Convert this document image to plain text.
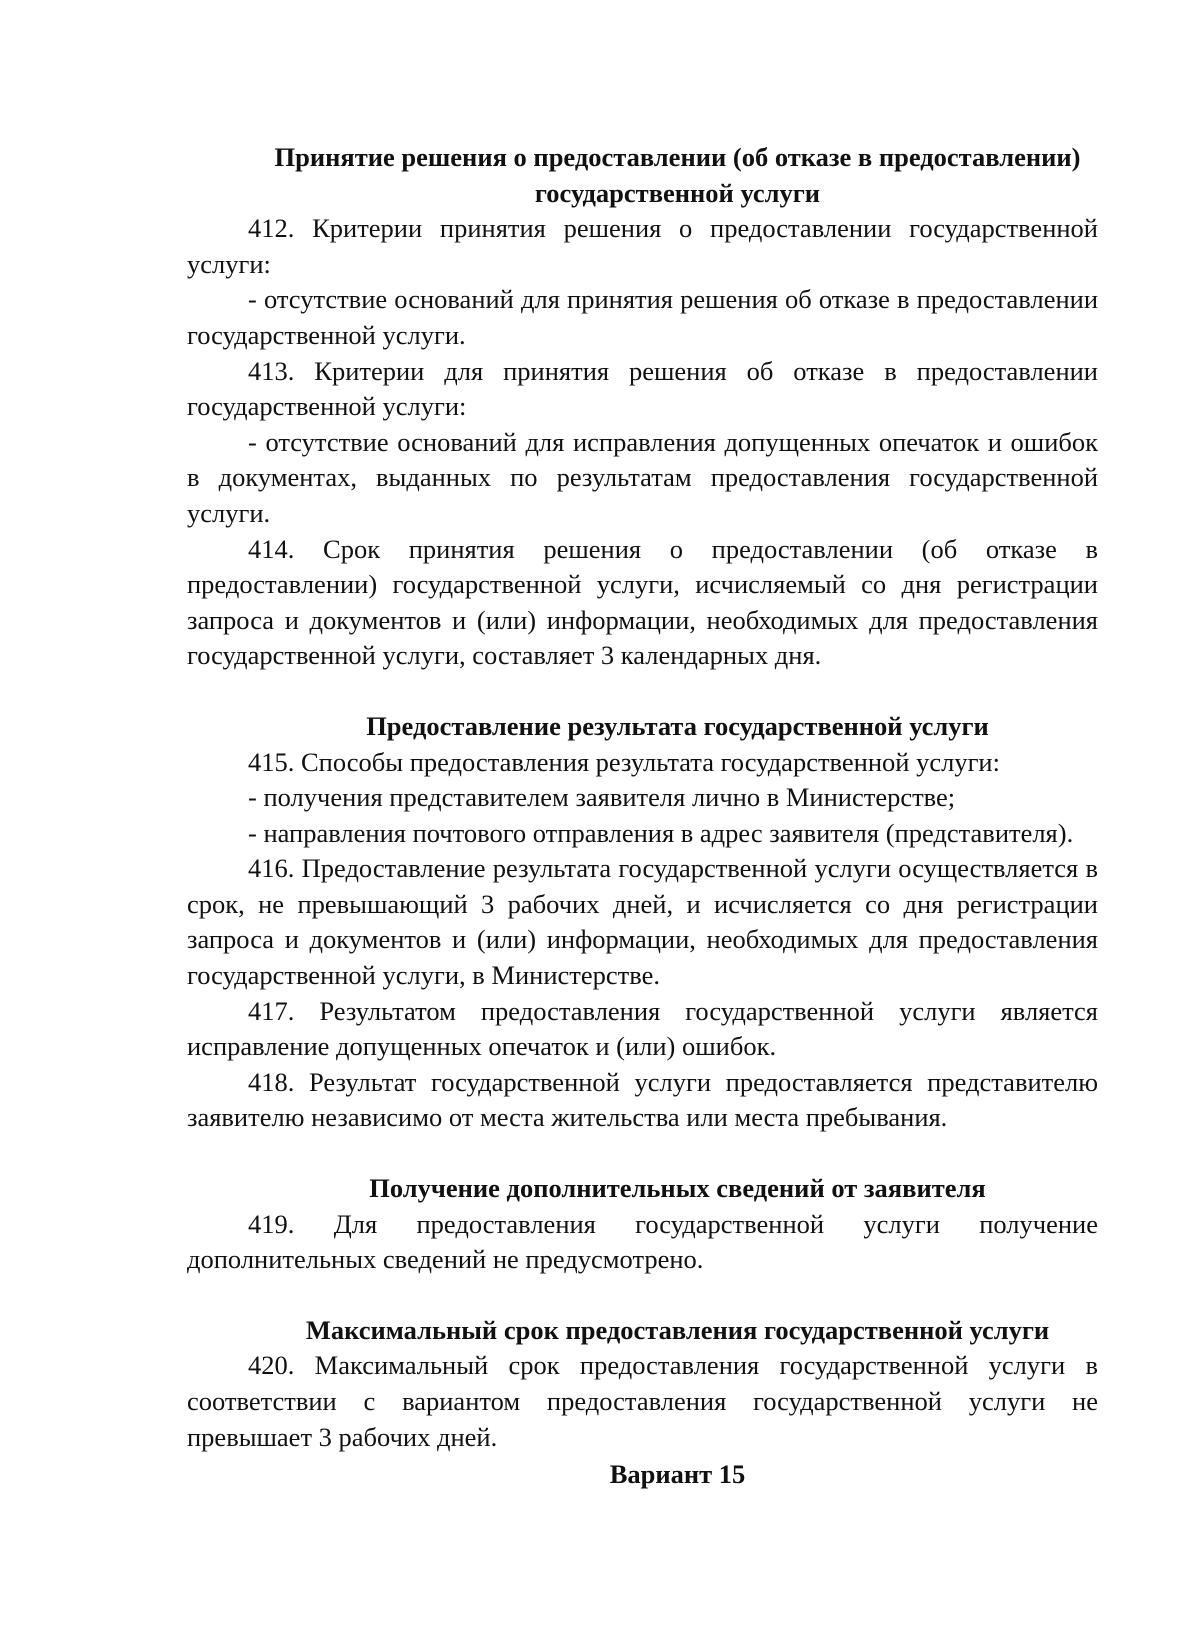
Принятие решения о предоставлении (об отказе в предоставлении)
государственной услуги

412. Критерии принятия решения о предоставлении государственной услуги:

- отсутствие оснований для принятия решения об отказе в предоставлении государственной услуги.

413. Критерии для принятия решения об отказе в предоставлении государственной услуги:

- отсутствие оснований для исправления допущенных опечаток и ошибок в документах, выданных по результатам предоставления государственной услуги.

414. Срок принятия решения о предоставлении (об отказе в предоставлении) государственной услуги, исчисляемый со дня регистрации запроса и документов и (или) информации, необходимых для предоставления государственной услуги, составляет 3 календарных дня.

Предоставление результата государственной услуги

415. Способы предоставления результата государственной услуги:

- получения представителем заявителя лично в Министерстве;

- направления почтового отправления в адрес заявителя (представителя).

416. Предоставление результата государственной услуги осуществляется в срок, не превышающий 3 рабочих дней, и исчисляется со дня регистрации запроса и документов и (или) информации, необходимых для предоставления государственной услуги, в Министерстве.

417. Результатом предоставления государственной услуги является исправление допущенных опечаток и (или) ошибок.

418. Результат государственной услуги предоставляется представителю заявителю независимо от места жительства или места пребывания.

Получение дополнительных сведений от заявителя

419. Для предоставления государственной услуги получение дополнительных сведений не предусмотрено.

Максимальный срок предоставления государственной услуги

420. Максимальный срок предоставления государственной услуги в соответствии с вариантом предоставления государственной услуги не превышает 3 рабочих дней.

Вариант 15
